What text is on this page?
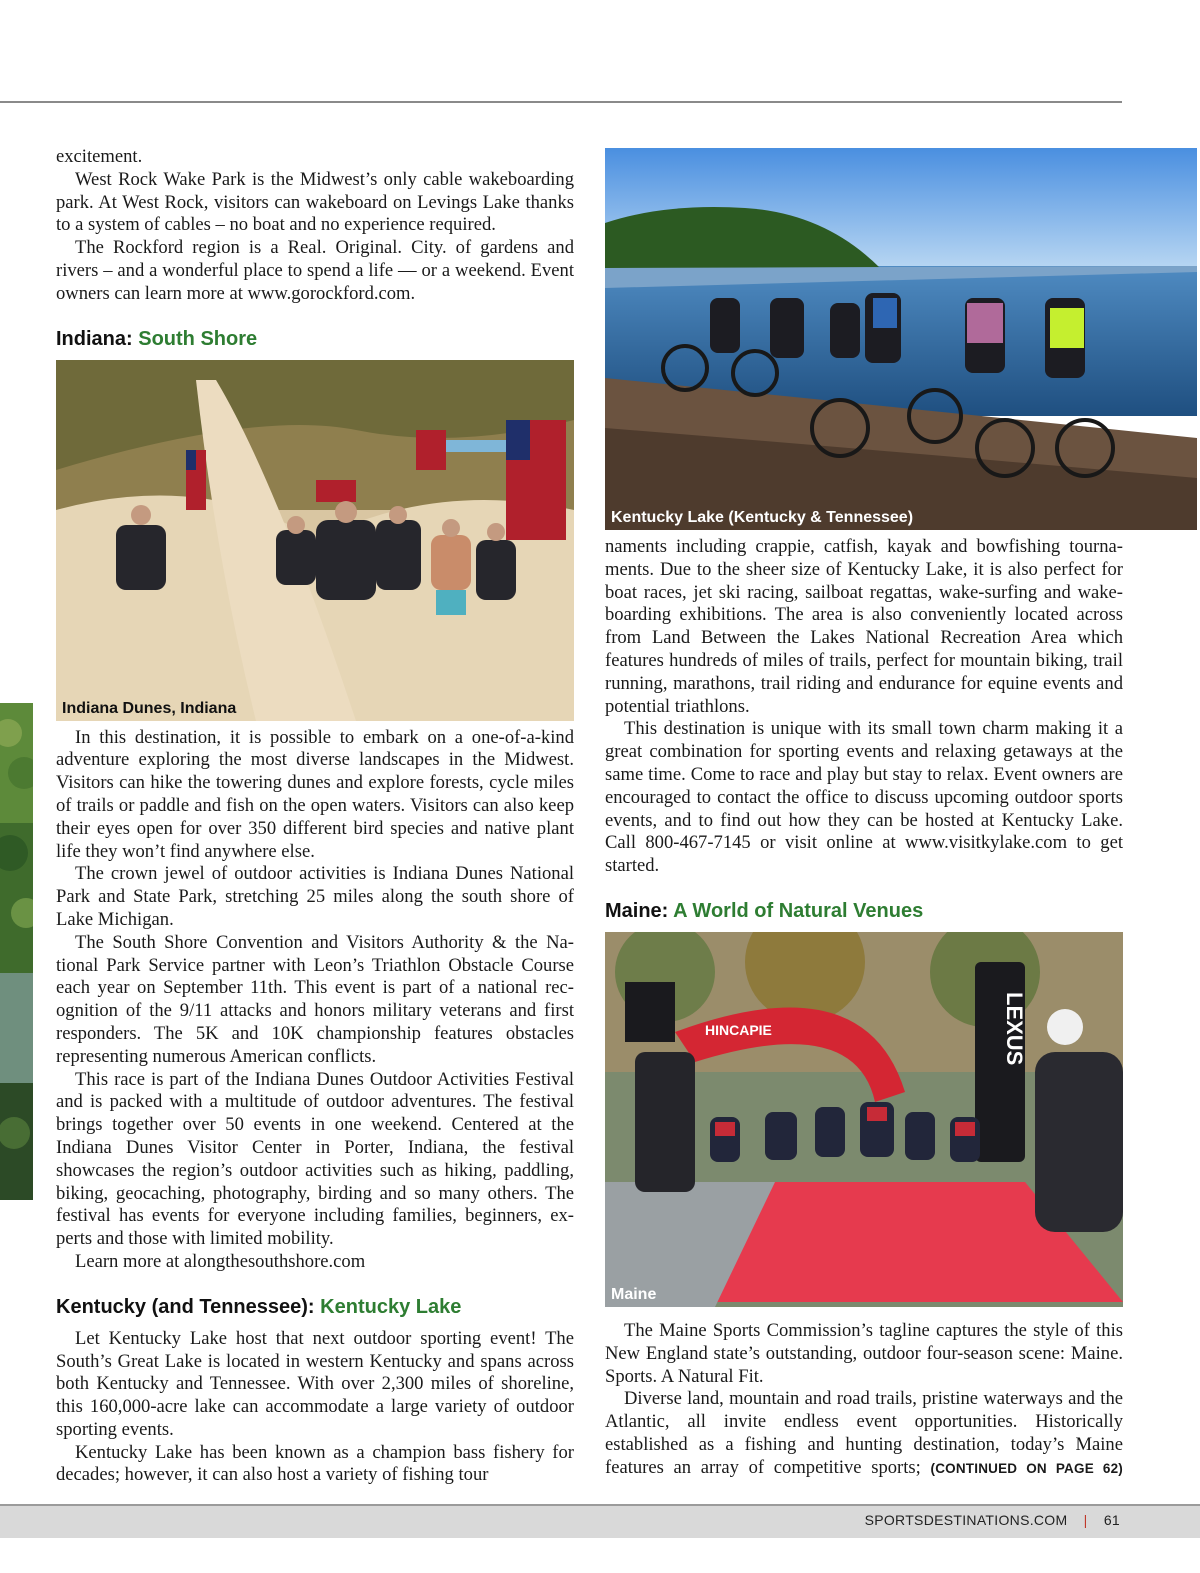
excitement.

West Rock Wake Park is the Midwest’s only cable wakeboarding park. At West Rock, visitors can wakeboard on Levings Lake thanks to a system of cables – no boat and no experience required.

The Rockford region is a Real. Original. City. of gardens and rivers – and a wonderful place to spend a life — or a weekend. Event owners can learn more at www.gorockford.com.

Indiana: South Shore
Indiana Dunes, Indiana

In this destination, it is possible to embark on a one-of-a-kind adventure exploring the most diverse landscapes in the Midwest. Visitors can hike the towering dunes and explore forests, cycle miles of trails or paddle and fish on the open waters. Visitors can also keep their eyes open for over 350 different bird species and native plant life they won’t find anywhere else.

The crown jewel of outdoor activities is Indiana Dunes National Park and State Park, stretching 25 miles along the south shore of Lake Michigan.

The South Shore Convention and Visitors Authority & the National Park Service partner with Leon’s Triathlon Obstacle Course each year on September 11th. This event is part of a national recognition of the 9/11 attacks and honors military veterans and first responders. The 5K and 10K championship features obstacles representing numerous American conflicts.

This race is part of the Indiana Dunes Outdoor Activities Festival and is packed with a multitude of outdoor adventures. The festival brings together over 50 events in one weekend. Centered at the Indiana Dunes Visitor Center in Porter, Indiana, the festival showcases the region’s outdoor activities such as hiking, paddling, biking, geocaching, photography, birding and so many others. The festival has events for everyone including families, beginners, experts and those with limited mobility.

Learn more at alongthesouthshore.com

Kentucky (and Tennessee): Kentucky Lake

Let Kentucky Lake host that next outdoor sporting event! The South’s Great Lake is located in western Kentucky and spans across both Kentucky and Tennessee. With over 2,300 miles of shoreline, this 160,000-acre lake can accommodate a large variety of outdoor sporting events.

Kentucky Lake has been known as a champion bass fishery for decades; however, it can also host a variety of fishing tour

Kentucky Lake (Kentucky & Tennessee)

naments including crappie, catfish, kayak and bowfishing tournaments. Due to the sheer size of Kentucky Lake, it is also perfect for boat races, jet ski racing, sailboat regattas, wake-surfing and wake-boarding exhibitions. The area is also conveniently located across from Land Between the Lakes National Recreation Area which features hundreds of miles of trails, perfect for mountain biking, trail running, marathons, trail riding and endurance for equine events and potential triathlons.

This destination is unique with its small town charm making it a great combination for sporting events and relaxing getaways at the same time. Come to race and play but stay to relax. Event owners are encouraged to contact the office to discuss upcoming outdoor sports events, and to find out how they can be hosted at Kentucky Lake. Call 800-467-7145 or visit online at www.visitkylake.com to get started.

Maine: A World of Natural Venues
HINCAPIE	LEXUS
Maine

The Maine Sports Commission’s tagline captures the style of this New England state’s outstanding, outdoor four-season scene: Maine. Sports. A Natural Fit.

Diverse land, mountain and road trails, pristine waterways and the Atlantic, all invite endless event opportunities. Historically established as a fishing and hunting destination, today’s Maine features an array of competitive sports; (CONTINUED ON PAGE 62)

SPORTSDESTINATIONS.COM | 61
